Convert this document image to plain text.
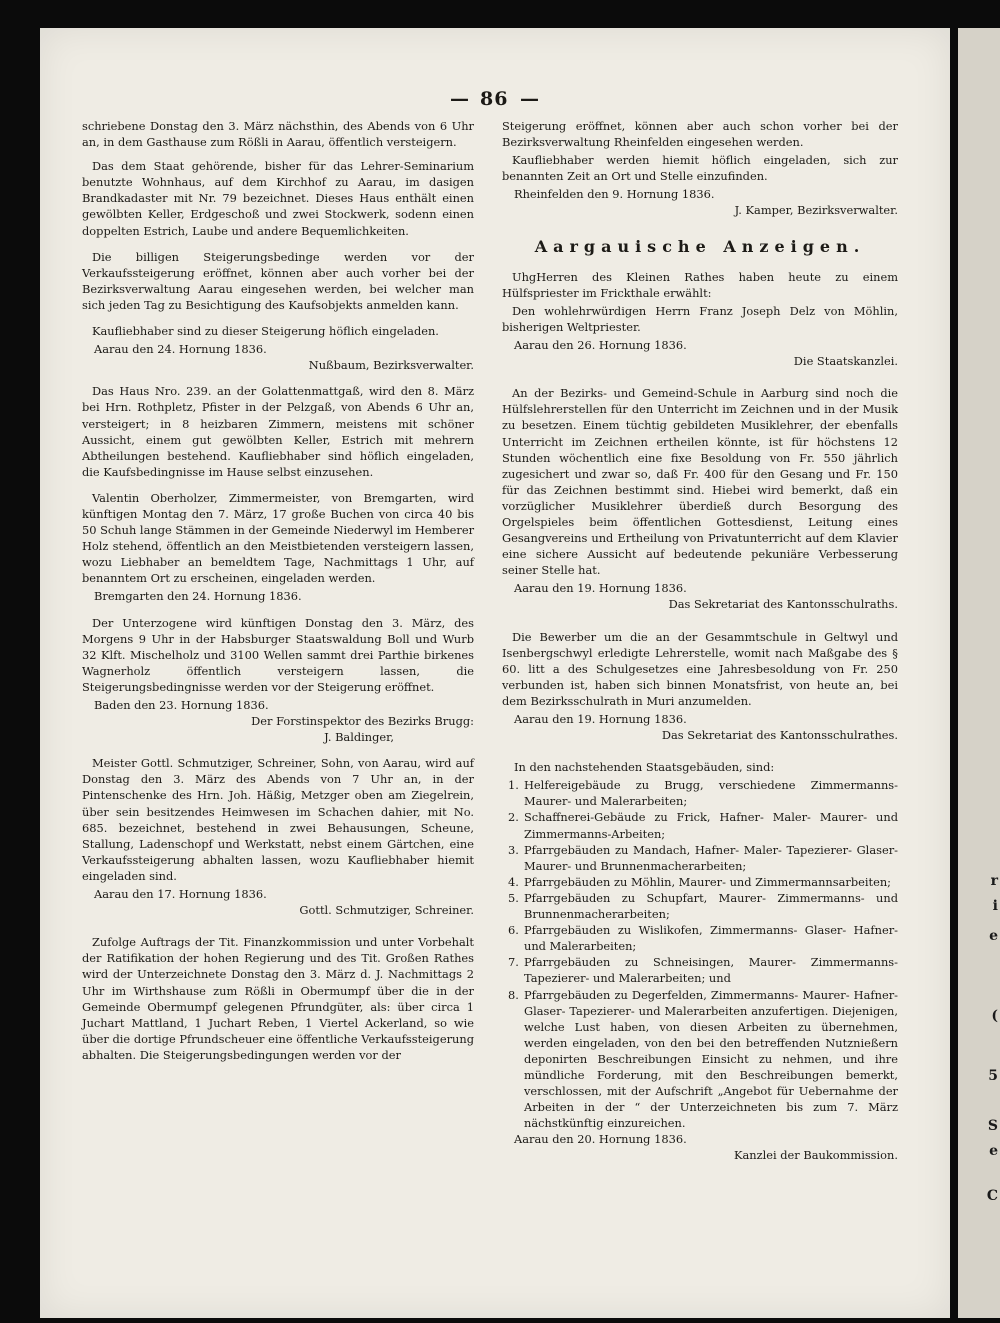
r
i
e
(
5
S
e
C
— 86 —

schriebene Donstag den 3. März nächsthin, des Abends von 6 Uhr an, in dem Gasthause zum Rößli in Aarau, öffentlich versteigern.

Das dem Staat gehörende, bisher für das Lehrer-Seminarium benutzte Wohnhaus, auf dem Kirchhof zu Aarau, im dasigen Brandkadaster mit Nr. 79 bezeichnet. Dieses Haus enthält einen gewölbten Keller, Erdgeschoß und zwei Stockwerk, sodenn einen doppelten Estrich, Laube und andere Bequemlichkeiten.

Die billigen Steigerungsbedinge werden vor der Verkaufssteigerung eröffnet, können aber auch vorher bei der Bezirksverwaltung Aarau eingesehen werden, bei welcher man sich jeden Tag zu Besichtigung des Kaufsobjekts anmelden kann.

Kaufliebhaber sind zu dieser Steigerung höflich eingeladen.

Aarau den 24. Hornung 1836.
Nußbaum, Bezirksverwalter.

Das Haus Nro. 239. an der Golattenmattgaß, wird den 8. März bei Hrn. Rothpletz, Pfister in der Pelzgaß, von Abends 6 Uhr an, versteigert; in 8 heizbaren Zimmern, meistens mit schöner Aussicht, einem gut gewölbten Keller, Estrich mit mehrern Abtheilungen bestehend. Kaufliebhaber sind höflich eingeladen, die Kaufsbedingnisse im Hause selbst einzusehen.

Valentin Oberholzer, Zimmermeister, von Bremgarten, wird künftigen Montag den 7. März, 17 große Buchen von circa 40 bis 50 Schuh lange Stämmen in der Gemeinde Niederwyl im Hemberer Holz stehend, öffentlich an den Meistbietenden versteigern lassen, wozu Liebhaber an bemeldtem Tage, Nachmittags 1 Uhr, auf benanntem Ort zu erscheinen, eingeladen werden.

Bremgarten den 24. Hornung 1836.

Der Unterzogene wird künftigen Donstag den 3. März, des Morgens 9 Uhr in der Habsburger Staatswaldung Boll und Wurb 32 Klft. Mischelholz und 3100 Wellen sammt drei Parthie birkenes Wagnerholz öffentlich versteigern lassen, die Steigerungsbedingnisse werden vor der Steigerung eröffnet.

Baden den 23. Hornung 1836.
Der Forstinspektor des Bezirks Brugg:
J. Baldinger,

Meister Gottl. Schmutziger, Schreiner, Sohn, von Aarau, wird auf Donstag den 3. März des Abends von 7 Uhr an, in der Pintenschenke des Hrn. Joh. Häßig, Metzger oben am Ziegelrein, über sein besitzendes Heimwesen im Schachen dahier, mit No. 685. bezeichnet, bestehend in zwei Behausungen, Scheune, Stallung, Ladenschopf und Werkstatt, nebst einem Gärtchen, eine Verkaufssteigerung abhalten lassen, wozu Kaufliebhaber hiemit eingeladen sind.

Aarau den 17. Hornung 1836.
Gottl. Schmutziger, Schreiner.

Zufolge Auftrags der Tit. Finanzkommission und unter Vorbehalt der Ratifikation der hohen Regierung und des Tit. Großen Rathes wird der Unterzeichnete Donstag den 3. März d. J. Nachmittags 2 Uhr im Wirthshause zum Rößli in Obermumpf über die in der Gemeinde Obermumpf gelegenen Pfrundgüter, als: über circa 1 Juchart Mattland, 1 Juchart Reben, 1 Viertel Ackerland, so wie über die dortige Pfrundscheuer eine öffentliche Verkaufssteigerung abhalten. Die Steigerungsbedingungen werden vor der

Steigerung eröffnet, können aber auch schon vorher bei der Bezirksverwaltung Rheinfelden eingesehen werden.

Kaufliebhaber werden hiemit höflich eingeladen, sich zur benannten Zeit an Ort und Stelle einzufinden.

Rheinfelden den 9. Hornung 1836.
J. Kamper, Bezirksverwalter.
Aargauische Anzeigen.

UhgHerren des Kleinen Rathes haben heute zu einem Hülfspriester im Frickthale erwählt:

Den wohlehrwürdigen Herrn Franz Joseph Delz von Möhlin, bisherigen Weltpriester.

Aarau den 26. Hornung 1836.
Die Staatskanzlei.

An der Bezirks- und Gemeind-Schule in Aarburg sind noch die Hülfslehrerstellen für den Unterricht im Zeichnen und in der Musik zu besetzen. Einem tüchtig gebildeten Musiklehrer, der ebenfalls Unterricht im Zeichnen ertheilen könnte, ist für höchstens 12 Stunden wöchentlich eine fixe Besoldung von Fr. 550 jährlich zugesichert und zwar so, daß Fr. 400 für den Gesang und Fr. 150 für das Zeichnen bestimmt sind. Hiebei wird bemerkt, daß ein vorzüglicher Musiklehrer überdieß durch Besorgung des Orgelspieles beim öffentlichen Gottesdienst, Leitung eines Gesangvereins und Ertheilung von Privatunterricht auf dem Klavier eine sichere Aussicht auf bedeutende pekuniäre Verbesserung seiner Stelle hat.

Aarau den 19. Hornung 1836.
Das Sekretariat des Kantonsschulraths.

Die Bewerber um die an der Gesammtschule in Geltwyl und Isenbergschwyl erledigte Lehrerstelle, womit nach Maßgabe des § 60. litt a des Schulgesetzes eine Jahresbesoldung von Fr. 250 verbunden ist, haben sich binnen Monatsfrist, von heute an, bei dem Bezirksschulrath in Muri anzumelden.

Aarau den 19. Hornung 1836.
Das Sekretariat des Kantonsschulrathes.
In den nachstehenden Staatsgebäuden, sind:
1. Helfereigebäude zu Brugg, verschiedene Zimmermanns- Maurer- und Malerarbeiten;
2. Schaffnerei-Gebäude zu Frick, Hafner- Maler- Maurer- und Zimmermanns-Arbeiten;
3. Pfarrgebäuden zu Mandach, Hafner- Maler- Tapezierer- Glaser- Maurer- und Brunnenmacherarbeiten;
4. Pfarrgebäuden zu Möhlin, Maurer- und Zimmermannsarbeiten;
5. Pfarrgebäuden zu Schupfart, Maurer- Zimmermanns- und Brunnenmacherarbeiten;
6. Pfarrgebäuden zu Wislikofen, Zimmermanns- Glaser- Hafner- und Malerarbeiten;
7. Pfarrgebäuden zu Schneisingen, Maurer- Zimmermanns- Tapezierer- und Malerarbeiten; und
8. Pfarrgebäuden zu Degerfelden, Zimmermanns- Maurer- Hafner- Glaser- Tapezierer- und Malerarbeiten anzufertigen. Diejenigen, welche Lust haben, von diesen Arbeiten zu übernehmen, werden eingeladen, von den bei den betreffenden Nutznießern deponirten Beschreibungen Einsicht zu nehmen, und ihre mündliche Forderung, mit den Beschreibungen bemerkt, verschlossen, mit der Aufschrift „Angebot für Uebernahme der Arbeiten in der “ der Unterzeichneten bis zum 7. März nächstkünftig einzureichen.
Aarau den 20. Hornung 1836.
Kanzlei der Baukommission.
